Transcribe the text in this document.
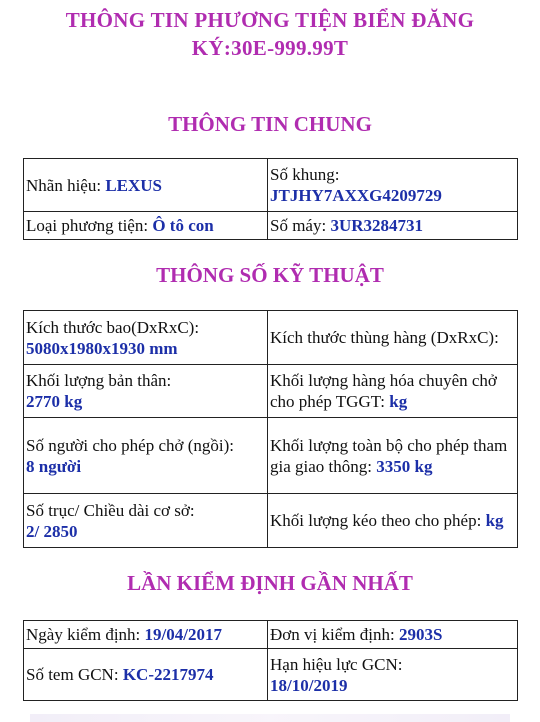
THÔNG TIN PHƯƠNG TIỆN BIỂN ĐĂNG
KÝ:30E-999.99T
THÔNG TIN CHUNG
Nhãn hiệu: LEXUS	Số khung:
JTJHY7AXXG4209729

Loại phương tiện: Ô tô con	Số máy: 3UR3284731
THÔNG SỐ KỸ THUẬT
Kích thước bao(DxRxC):
5080x1980x1930 mm	Kích thước thùng hàng (DxRxC):

Khối lượng bản thân:
2770 kg	Khối lượng hàng hóa chuyên chở cho phép TGGT: kg

Số người cho phép chở (ngồi):
8 người	Khối lượng toàn bộ cho phép tham gia giao thông: 3350 kg

Số trục/ Chiều dài cơ sở:
2/ 2850	Khối lượng kéo theo cho phép: kg
LẦN KIỂM ĐỊNH GẦN NHẤT
Ngày kiểm định: 19/04/2017	Đơn vị kiểm định: 2903S
Số tem GCN: KC-2217974	Hạn hiệu lực GCN:
18/10/2019
